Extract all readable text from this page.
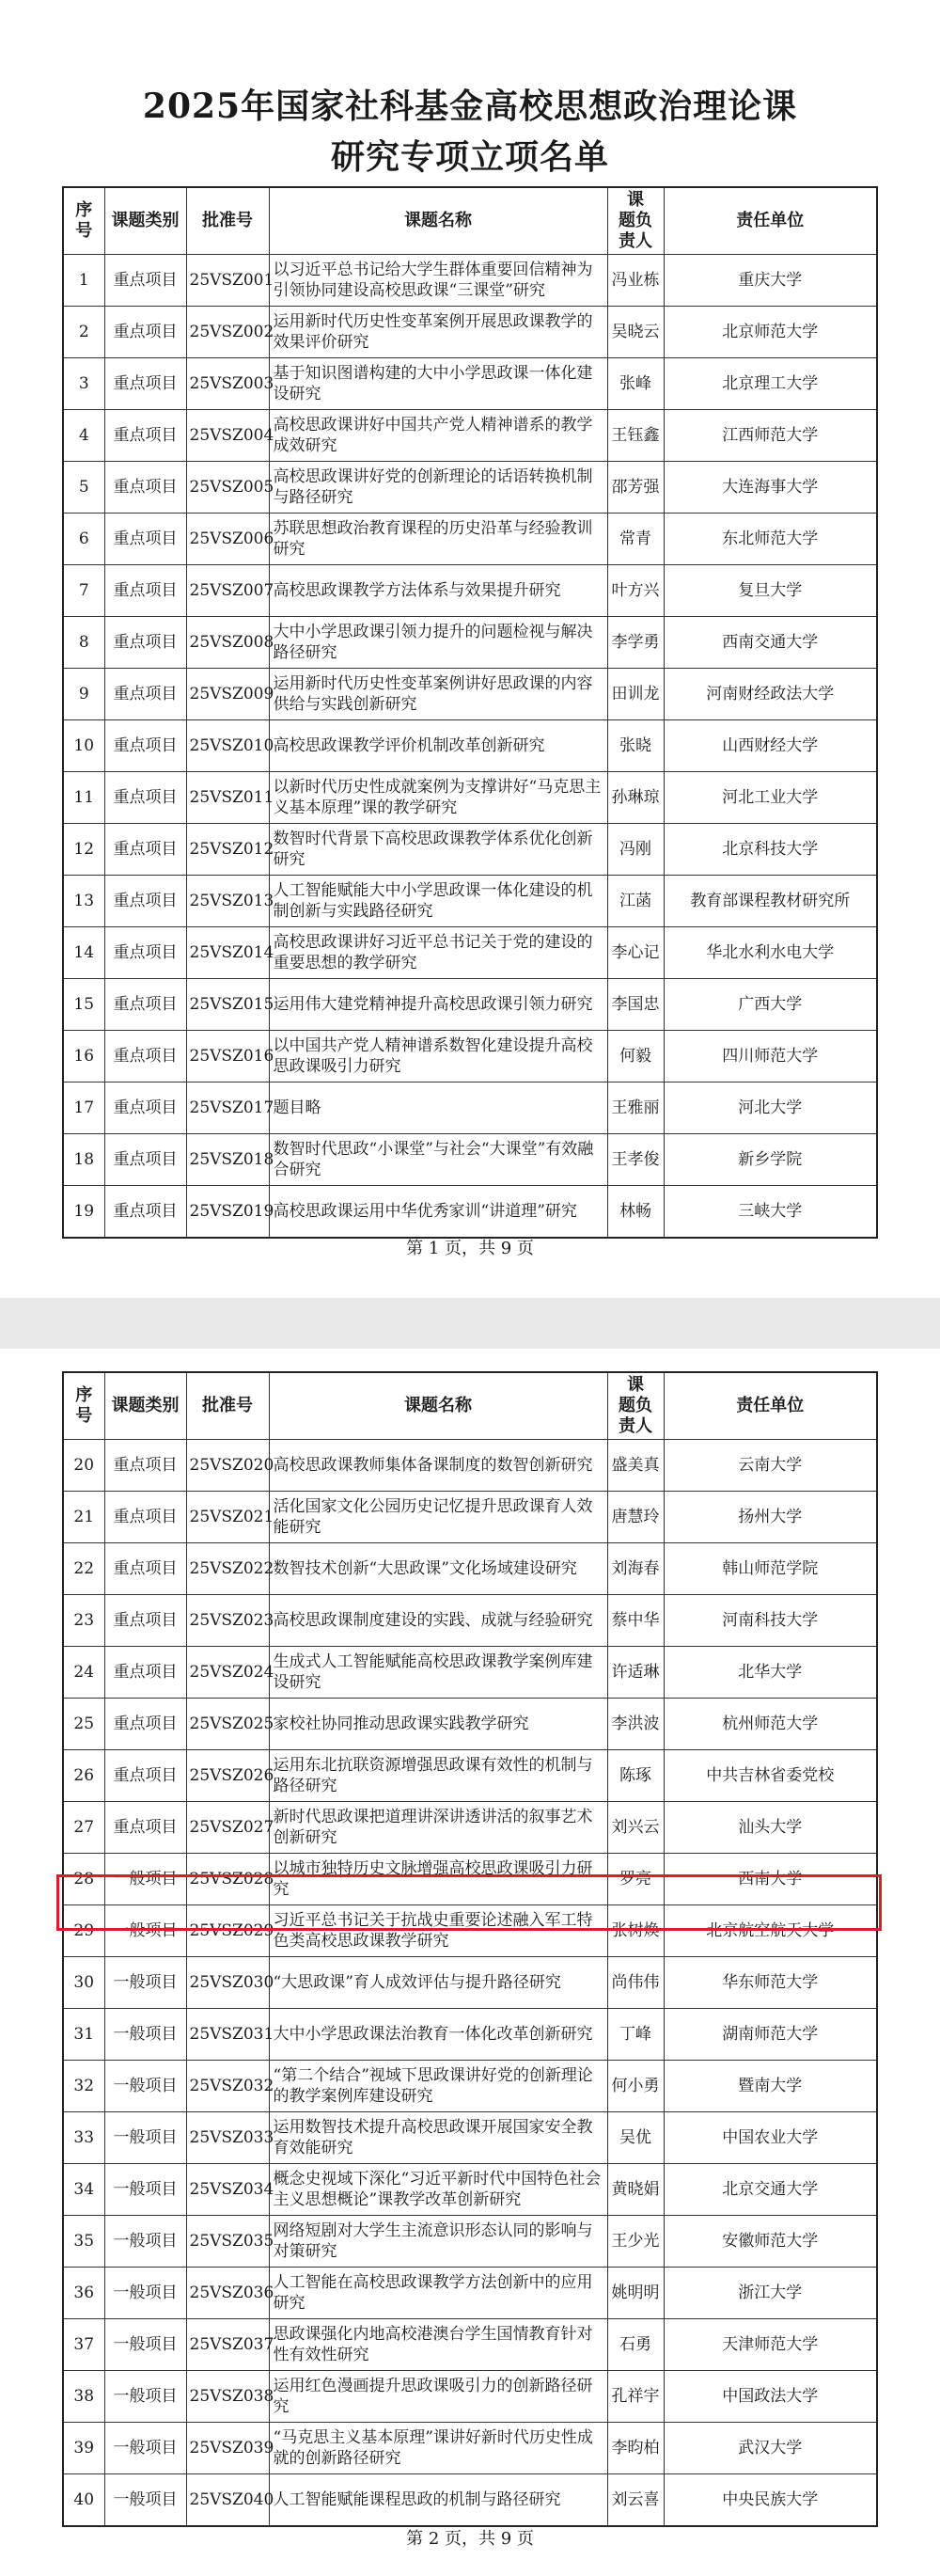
2025年国家社科基金高校思想政治理论课
研究专项立项名单
序号	课题类别	批准号	课题名称	课　题负责人	责任单位
1	重点项目	25VSZ001	以习近平总书记给大学生群体重要回信精神为引领协同建设高校思政课“三课堂”研究	冯业栋	重庆大学
2	重点项目	25VSZ002	运用新时代历史性变革案例开展思政课教学的效果评价研究	吴晓云	北京师范大学
3	重点项目	25VSZ003	基于知识图谱构建的大中小学思政课一体化建设研究	张峰	北京理工大学
4	重点项目	25VSZ004	高校思政课讲好中国共产党人精神谱系的教学成效研究	王钰鑫	江西师范大学
5	重点项目	25VSZ005	高校思政课讲好党的创新理论的话语转换机制与路径研究	邵芳强	大连海事大学
6	重点项目	25VSZ006	苏联思想政治教育课程的历史沿革与经验教训研究	常青	东北师范大学
7	重点项目	25VSZ007	高校思政课教学方法体系与效果提升研究	叶方兴	复旦大学
8	重点项目	25VSZ008	大中小学思政课引领力提升的问题检视与解决路径研究	李学勇	西南交通大学
9	重点项目	25VSZ009	运用新时代历史性变革案例讲好思政课的内容供给与实践创新研究	田训龙	河南财经政法大学
10	重点项目	25VSZ010	高校思政课教学评价机制改革创新研究	张晓	山西财经大学
11	重点项目	25VSZ011	以新时代历史性成就案例为支撑讲好“马克思主义基本原理”课的教学研究	孙琳琼	河北工业大学
12	重点项目	25VSZ012	数智时代背景下高校思政课教学体系优化创新研究	冯刚	北京科技大学
13	重点项目	25VSZ013	人工智能赋能大中小学思政课一体化建设的机制创新与实践路径研究	江菡	教育部课程教材研究所
14	重点项目	25VSZ014	高校思政课讲好习近平总书记关于党的建设的重要思想的教学研究	李心记	华北水利水电大学
15	重点项目	25VSZ015	运用伟大建党精神提升高校思政课引领力研究	李国忠	广西大学
16	重点项目	25VSZ016	以中国共产党人精神谱系数智化建设提升高校思政课吸引力研究	何毅	四川师范大学
17	重点项目	25VSZ017	题目略	王雅丽	河北大学
18	重点项目	25VSZ018	数智时代思政“小课堂”与社会“大课堂”有效融合研究	王孝俊	新乡学院
19	重点项目	25VSZ019	高校思政课运用中华优秀家训“讲道理”研究	林畅	三峡大学
第 1 页，共 9 页
序号	课题类别	批准号	课题名称	课　题负责人	责任单位
20	重点项目	25VSZ020	高校思政课教师集体备课制度的数智创新研究	盛美真	云南大学
21	重点项目	25VSZ021	活化国家文化公园历史记忆提升思政课育人效能研究	唐慧玲	扬州大学
22	重点项目	25VSZ022	数智技术创新“大思政课”文化场域建设研究	刘海春	韩山师范学院
23	重点项目	25VSZ023	高校思政课制度建设的实践、成就与经验研究	蔡中华	河南科技大学
24	重点项目	25VSZ024	生成式人工智能赋能高校思政课教学案例库建设研究	许适琳	北华大学
25	重点项目	25VSZ025	家校社协同推动思政课实践教学研究	李洪波	杭州师范大学
26	重点项目	25VSZ026	运用东北抗联资源增强思政课有效性的机制与路径研究	陈琢	中共吉林省委党校
27	重点项目	25VSZ027	新时代思政课把道理讲深讲透讲活的叙事艺术创新研究	刘兴云	汕头大学
28	一般项目	25VSZ028	以城市独特历史文脉增强高校思政课吸引力研究	罗亮	西南大学
29	一般项目	25VSZ029	习近平总书记关于抗战史重要论述融入军工特色类高校思政课教学研究	张树焕	北京航空航天大学
30	一般项目	25VSZ030	“大思政课”育人成效评估与提升路径研究	尚伟伟	华东师范大学
31	一般项目	25VSZ031	大中小学思政课法治教育一体化改革创新研究	丁峰	湖南师范大学
32	一般项目	25VSZ032	“第二个结合”视域下思政课讲好党的创新理论的教学案例库建设研究	何小勇	暨南大学
33	一般项目	25VSZ033	运用数智技术提升高校思政课开展国家安全教育效能研究	吴优	中国农业大学
34	一般项目	25VSZ034	概念史视域下深化“习近平新时代中国特色社会主义思想概论”课教学改革创新研究	黄晓娟	北京交通大学
35	一般项目	25VSZ035	网络短剧对大学生主流意识形态认同的影响与对策研究	王少光	安徽师范大学
36	一般项目	25VSZ036	人工智能在高校思政课教学方法创新中的应用研究	姚明明	浙江大学
37	一般项目	25VSZ037	思政课强化内地高校港澳台学生国情教育针对性有效性研究	石勇	天津师范大学
38	一般项目	25VSZ038	运用红色漫画提升思政课吸引力的创新路径研究	孔祥宇	中国政法大学
39	一般项目	25VSZ039	“马克思主义基本原理”课讲好新时代历史性成就的创新路径研究	李昀柏	武汉大学
40	一般项目	25VSZ040	人工智能赋能课程思政的机制与路径研究	刘云喜	中央民族大学
第 2 页，共 9 页
